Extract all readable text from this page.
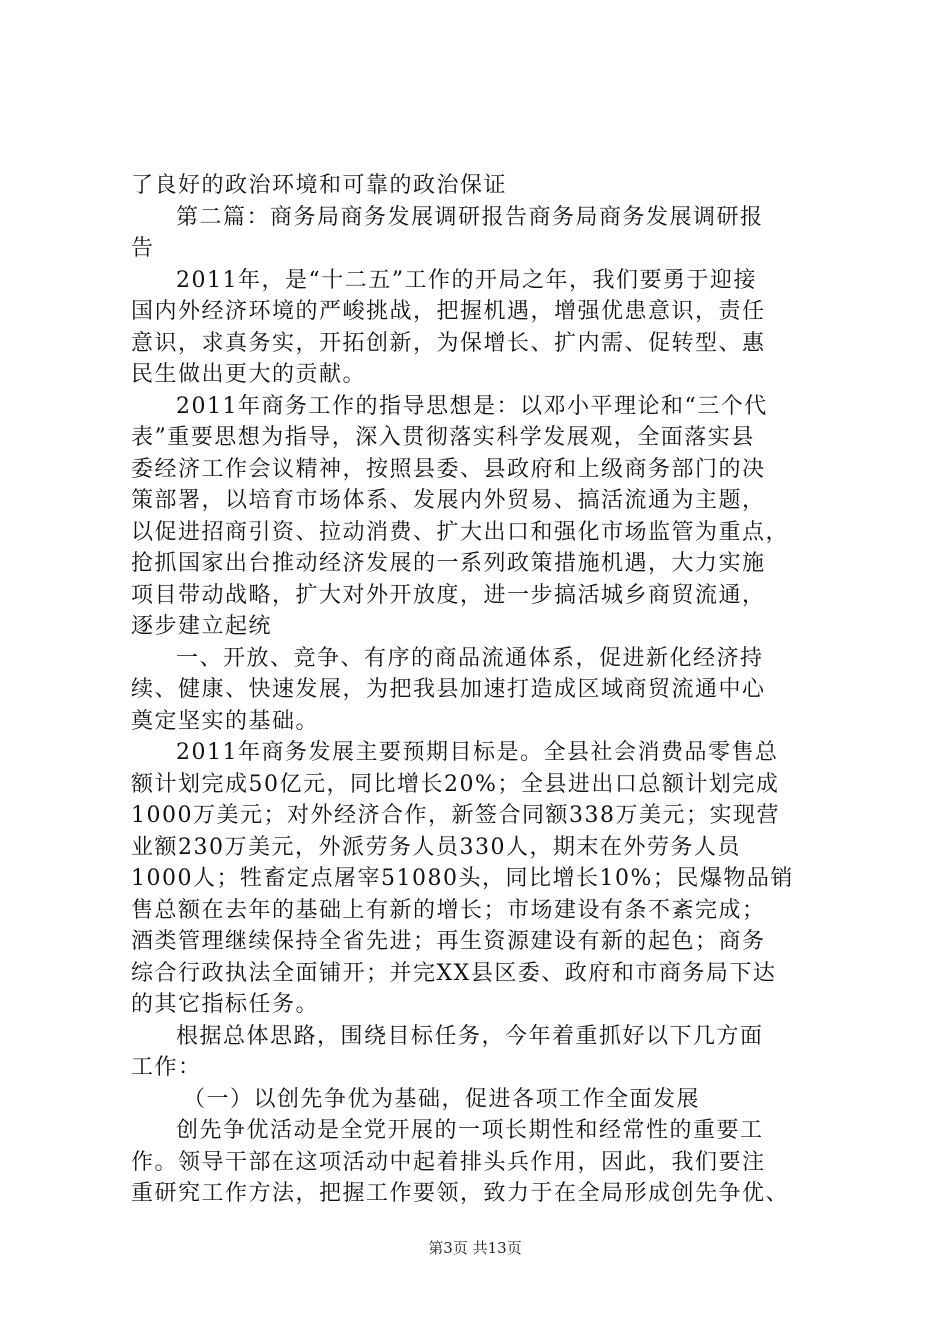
了良好的政治环境和可靠的政治保证
第二篇：商务局商务发展调研报告商务局商务发展调研报
告
2011年，是“十二五”工作的开局之年，我们要勇于迎接
国内外经济环境的严峻挑战，把握机遇，增强优患意识，责任
意识，求真务实，开拓创新，为保增长、扩内需、促转型、惠
民生做出更大的贡献。
2011年商务工作的指导思想是：以邓小平理论和“三个代
表”重要思想为指导，深入贯彻落实科学发展观，全面落实县
委经济工作会议精神，按照县委、县政府和上级商务部门的决
策部署，以培育市场体系、发展内外贸易、搞活流通为主题，
以促进招商引资、拉动消费、扩大出口和强化市场监管为重点，
抢抓国家出台推动经济发展的一系列政策措施机遇，大力实施
项目带动战略，扩大对外开放度，进一步搞活城乡商贸流通，
逐步建立起统
一、开放、竞争、有序的商品流通体系，促进新化经济持
续、健康、快速发展，为把我县加速打造成区域商贸流通中心
奠定坚实的基础。
2011年商务发展主要预期目标是。全县社会消费品零售总
额计划完成50亿元，同比增长20%；全县进出口总额计划完成
1000万美元；对外经济合作，新签合同额338万美元；实现营
业额230万美元，外派劳务人员330人，期末在外劳务人员
1000人；牲畜定点屠宰51080头，同比增长10%；民爆物品销
售总额在去年的基础上有新的增长；市场建设有条不紊完成；
酒类管理继续保持全省先进；再生资源建设有新的起色；商务
综合行政执法全面铺开；并完XX县区委、政府和市商务局下达
的其它指标任务。
根据总体思路，围绕目标任务，今年着重抓好以下几方面
工作：
（一）以创先争优为基础，促进各项工作全面发展
创先争优活动是全党开展的一项长期性和经常性的重要工
作。领导干部在这项活动中起着排头兵作用，因此，我们要注
重研究工作方法，把握工作要领，致力于在全局形成创先争优、
第3页 共13页
